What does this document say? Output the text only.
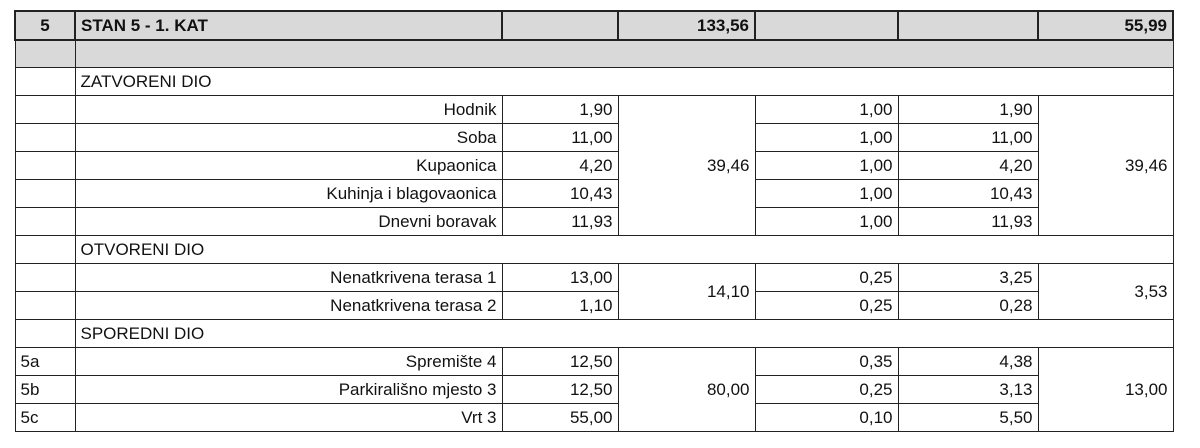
5	STAN 5 - 1. KAT		133,56			55,99

	ZATVORENI DIO					
	Hodnik	1,90	39,46	1,00	1,90	39,46
	Soba	11,00		1,00	11,00	
	Kupaonica	4,20		1,00	4,20	
	Kuhinja i blagovaonica	10,43		1,00	10,43	
	Dnevni boravak	11,93		1,00	11,93	
	OTVORENI DIO					
	Nenatkrivena terasa 1	13,00	14,10	0,25	3,25	3,53
	Nenatkrivena terasa 2	1,10		0,25	0,28	
	SPOREDNI DIO					
5a	Spremište 4	12,50	80,00	0,35	4,38	13,00
5b	Parkirališno mjesto 3	12,50		0,25	3,13	
5c	Vrt 3	55,00		0,10	5,50	
